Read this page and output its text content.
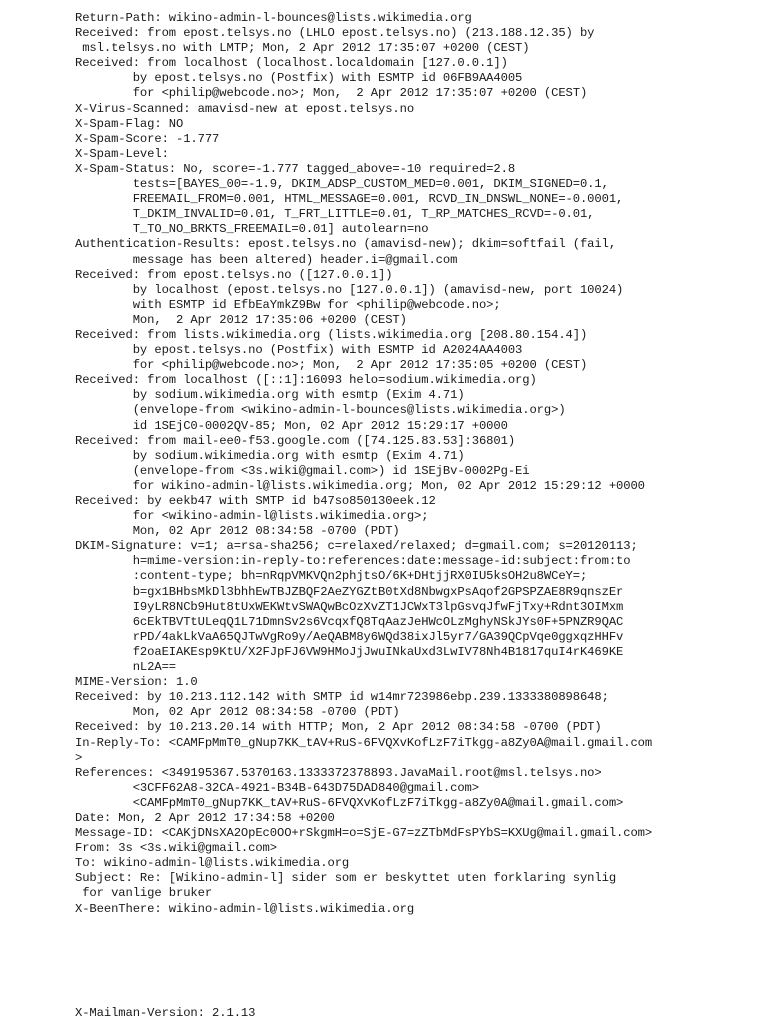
Return-Path: wikino-admin-l-bounces@lists.wikimedia.org
Received: from epost.telsys.no (LHLO epost.telsys.no) (213.188.12.35) by
msl.telsys.no with LMTP; Mon, 2 Apr 2012 17:35:07 +0200 (CEST)
Received: from localhost (localhost.localdomain [127.0.0.1])
by epost.telsys.no (Postfix) with ESMTP id 06FB9AA4005
for <philip@webcode.no>; Mon,  2 Apr 2012 17:35:07 +0200 (CEST)
X-Virus-Scanned: amavisd-new at epost.telsys.no
X-Spam-Flag: NO
X-Spam-Score: -1.777
X-Spam-Level:
X-Spam-Status: No, score=-1.777 tagged_above=-10 required=2.8
tests=[BAYES_00=-1.9, DKIM_ADSP_CUSTOM_MED=0.001, DKIM_SIGNED=0.1,
FREEMAIL_FROM=0.001, HTML_MESSAGE=0.001, RCVD_IN_DNSWL_NONE=-0.0001,
T_DKIM_INVALID=0.01, T_FRT_LITTLE=0.01, T_RP_MATCHES_RCVD=-0.01,
T_TO_NO_BRKTS_FREEMAIL=0.01] autolearn=no
Authentication-Results: epost.telsys.no (amavisd-new); dkim=softfail (fail,
message has been altered) header.i=@gmail.com
Received: from epost.telsys.no ([127.0.0.1])
by localhost (epost.telsys.no [127.0.0.1]) (amavisd-new, port 10024)
with ESMTP id EfbEaYmkZ9Bw for <philip@webcode.no>;
Mon,  2 Apr 2012 17:35:06 +0200 (CEST)
Received: from lists.wikimedia.org (lists.wikimedia.org [208.80.154.4])
by epost.telsys.no (Postfix) with ESMTP id A2024AA4003
for <philip@webcode.no>; Mon,  2 Apr 2012 17:35:05 +0200 (CEST)
Received: from localhost ([::1]:16093 helo=sodium.wikimedia.org)
by sodium.wikimedia.org with esmtp (Exim 4.71)
(envelope-from <wikino-admin-l-bounces@lists.wikimedia.org>)
id 1SEjC0-0002QV-85; Mon, 02 Apr 2012 15:29:17 +0000
Received: from mail-ee0-f53.google.com ([74.125.83.53]:36801)
by sodium.wikimedia.org with esmtp (Exim 4.71)
(envelope-from <3s.wiki@gmail.com>) id 1SEjBv-0002Pg-Ei
for wikino-admin-l@lists.wikimedia.org; Mon, 02 Apr 2012 15:29:12 +0000
Received: by eekb47 with SMTP id b47so850130eek.12
for <wikino-admin-l@lists.wikimedia.org>;
Mon, 02 Apr 2012 08:34:58 -0700 (PDT)
DKIM-Signature: v=1; a=rsa-sha256; c=relaxed/relaxed; d=gmail.com; s=20120113;
h=mime-version:in-reply-to:references:date:message-id:subject:from:to
:content-type; bh=nRqpVMKVQn2phjtsO/6K+DHtjjRX0IU5ksOH2u8WCeY=;
b=gx1BHbsMkDl3bhhEwTBJZBQF2AeZYGZtB0tXd8NbwgxPsAqof2GPSPZAE8R9qnszEr
I9yLR8NCb9Hut8tUxWEKWtvSWAQwBcOzXvZT1JCWxT3lpGsvqJfwFjTxy+Rdnt3OIMxm
6cEkTBVTtULeqQ1L71DmnSv2s6VcqxfQ8TqAazJeHWcOLzMghyNSkJYs0F+5PNZR9QAC
rPD/4akLkVaA65QJTwVgRo9y/AeQABM8y6WQd38ixJl5yr7/GA39QCpVqe0ggxqzHHFv
f2oaEIAKEsp9KtU/X2FJpFJ6VW9HMoJjJwuINkaUxd3LwIV78Nh4B1817quI4rK469KE
nL2A==
MIME-Version: 1.0
Received: by 10.213.112.142 with SMTP id w14mr723986ebp.239.1333380898648;
Mon, 02 Apr 2012 08:34:58 -0700 (PDT)
Received: by 10.213.20.14 with HTTP; Mon, 2 Apr 2012 08:34:58 -0700 (PDT)
In-Reply-To: <CAMFpMmT0_gNup7KK_tAV+RuS-6FVQXvKofLzF7iTkgg-a8Zy0A@mail.gmail.com
>
References: <349195367.5370163.1333372378893.JavaMail.root@msl.telsys.no>
<3CFF62A8-32CA-4921-B34B-643D75DAD840@gmail.com>
<CAMFpMmT0_gNup7KK_tAV+RuS-6FVQXvKofLzF7iTkgg-a8Zy0A@mail.gmail.com>
Date: Mon, 2 Apr 2012 17:34:58 +0200
Message-ID: <CAKjDNsXA2OpEc0OO+rSkgmH=o=SjE-G7=zZTbMdFsPYbS=KXUg@mail.gmail.com>
From: 3s <3s.wiki@gmail.com>
To: wikino-admin-l@lists.wikimedia.org
Subject: Re: [Wikino-admin-l] sider som er beskyttet uten forklaring synlig
for vanlige bruker
X-BeenThere: wikino-admin-l@lists.wikimedia.org
X-Mailman-Version: 2.1.13
